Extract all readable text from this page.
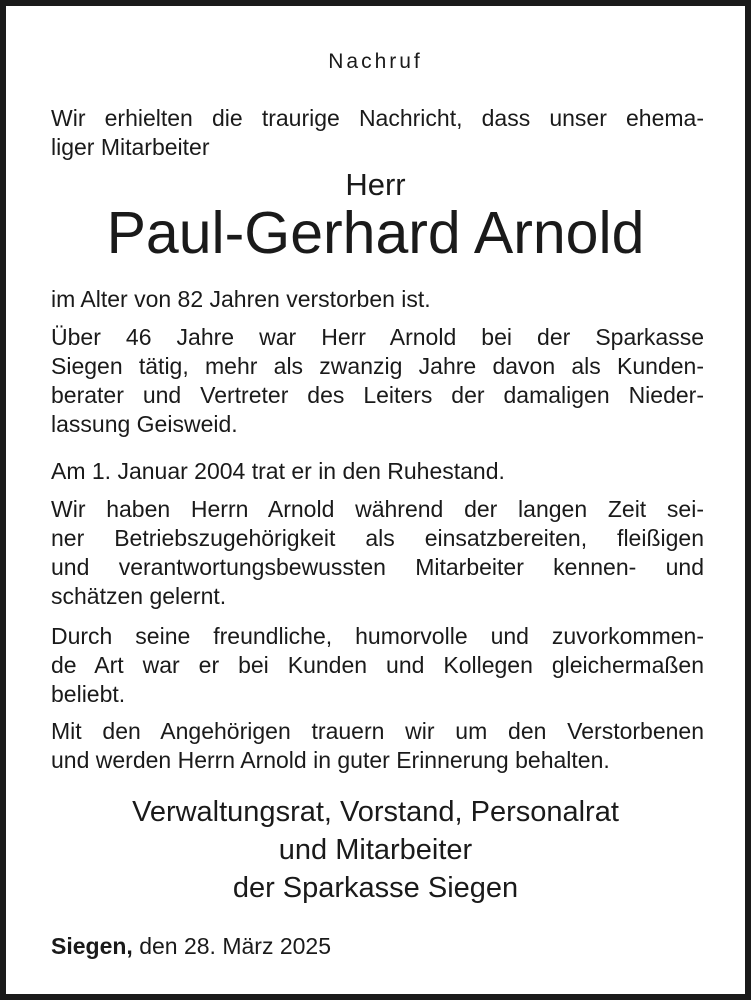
Nachruf
Wir erhielten die traurige Nachricht, dass unser ehema-
liger Mitarbeiter
Herr
Paul-Gerhard Arnold
im Alter von 82 Jahren verstorben ist.
Über 46 Jahre war Herr Arnold bei der Sparkasse
Siegen tätig, mehr als zwanzig Jahre davon als Kunden-
berater und Vertreter des Leiters der damaligen Nieder-
lassung Geisweid.
Am 1. Januar 2004 trat er in den Ruhestand.
Wir haben Herrn Arnold während der langen Zeit sei-
ner Betriebszugehörigkeit als einsatzbereiten, fleißigen
und verantwortungsbewussten Mitarbeiter kennen- und
schätzen gelernt.
Durch seine freundliche, humorvolle und zuvorkommen-
de Art war er bei Kunden und Kollegen gleichermaßen
beliebt.
Mit den Angehörigen trauern wir um den Verstorbenen
und werden Herrn Arnold in guter Erinnerung behalten.
Verwaltungsrat, Vorstand, Personalrat
und Mitarbeiter
der Sparkasse Siegen
Siegen, den 28. März 2025
